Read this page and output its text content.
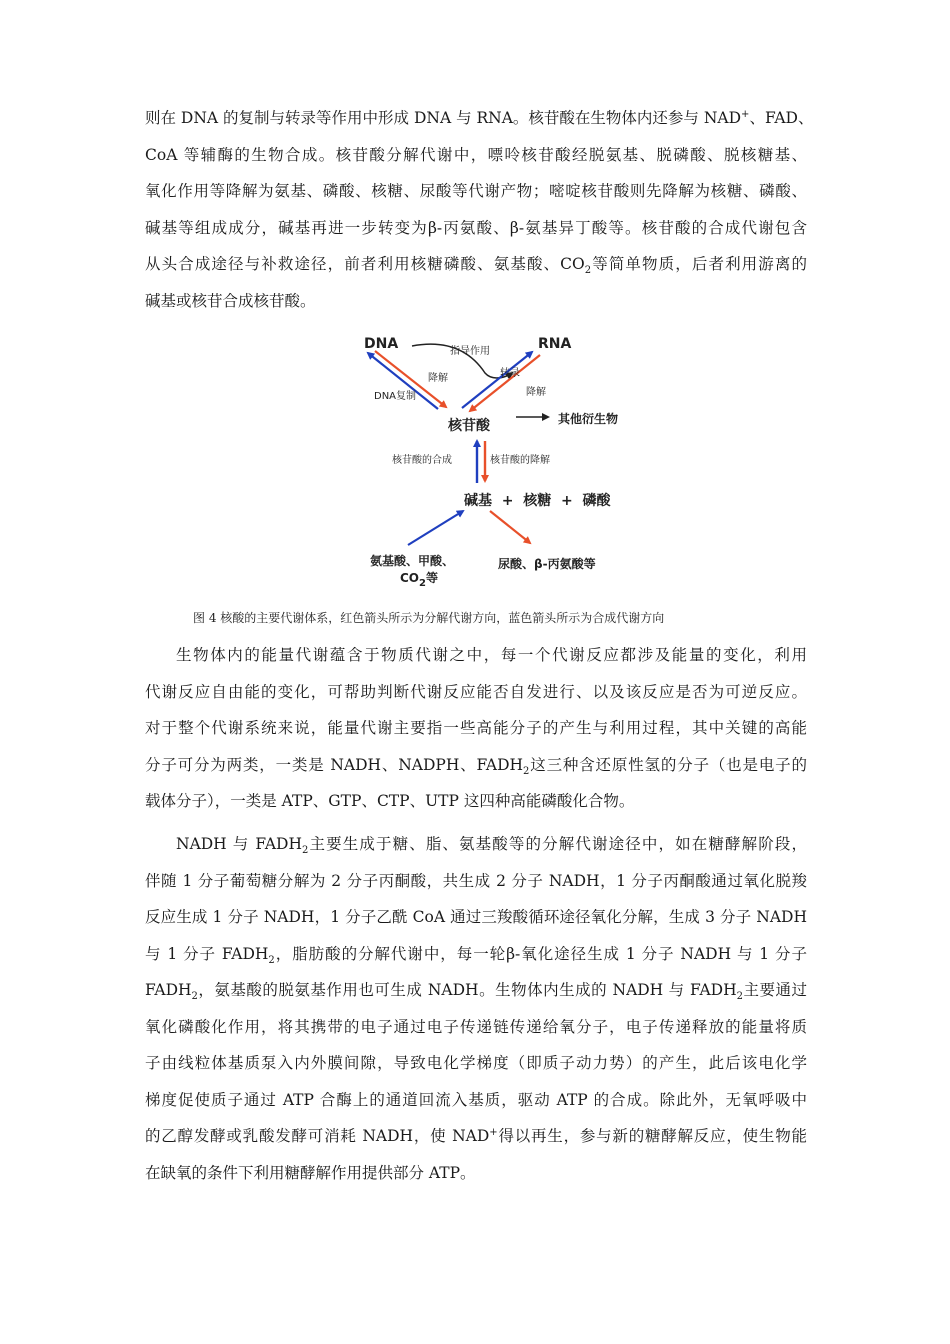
则在 DNA 的复制与转录等作用中形成 DNA 与 RNA。核苷酸在生物体内还参与 NAD+、FAD、
CoA 等辅酶的生物合成。核苷酸分解代谢中，嘌呤核苷酸经脱氨基、脱磷酸、脱核糖基、
氧化作用等降解为氨基、磷酸、核糖、尿酸等代谢产物；嘧啶核苷酸则先降解为核糖、磷酸、
碱基等组成成分，碱基再进一步转变为β-丙氨酸、β-氨基异丁酸等。核苷酸的合成代谢包含
从头合成途径与补救途径，前者利用核糖磷酸、氨基酸、$CO_2$等简单物质，后者利用游离的
碱基或核苷合成核苷酸。
DNA	RNA
指导作用
降解
DNA复制
转录
降解
核苷酸	其他衍生物
核苷酸的合成	核苷酸的降解
碱基  +  核糖  +  磷酸
氨基酸、甲酸、
$CO_2$等
尿酸、β-丙氨酸等
图 4 核酸的主要代谢体系，红色箭头所示为分解代谢方向，蓝色箭头所示为合成代谢方向
生物体内的能量代谢蕴含于物质代谢之中，每一个代谢反应都涉及能量的变化，利用
代谢反应自由能的变化，可帮助判断代谢反应能否自发进行、以及该反应是否为可逆反应。
对于整个代谢系统来说，能量代谢主要指一些高能分子的产生与利用过程，其中关键的高能
分子可分为两类，一类是 NADH、NADPH、$FADH_2$这三种含还原性氢的分子（也是电子的
载体分子），一类是 ATP、GTP、CTP、UTP 这四种高能磷酸化合物。
NADH 与 $FADH_2$主要生成于糖、脂、氨基酸等的分解代谢途径中，如在糖酵解阶段，
伴随 1 分子葡萄糖分解为 2 分子丙酮酸，共生成 2 分子 NADH，1 分子丙酮酸通过氧化脱羧
反应生成 1 分子 NADH，1 分子乙酰 CoA 通过三羧酸循环途径氧化分解，生成 3 分子 NADH
与 1 分子 $FADH_2$，脂肪酸的分解代谢中，每一轮β-氧化途径生成 1 分子 NADH 与 1 分子
$FADH_2$，氨基酸的脱氨基作用也可生成 NADH。生物体内生成的 NADH 与 $FADH_2$主要通过
氧化磷酸化作用，将其携带的电子通过电子传递链传递给氧分子，电子传递释放的能量将质
子由线粒体基质泵入内外膜间隙，导致电化学梯度（即质子动力势）的产生，此后该电化学
梯度促使质子通过 ATP 合酶上的通道回流入基质，驱动 ATP 的合成。除此外，无氧呼吸中
的乙醇发酵或乳酸发酵可消耗 NADH，使 NAD+得以再生，参与新的糖酵解反应，使生物能
在缺氧的条件下利用糖酵解作用提供部分 ATP。
